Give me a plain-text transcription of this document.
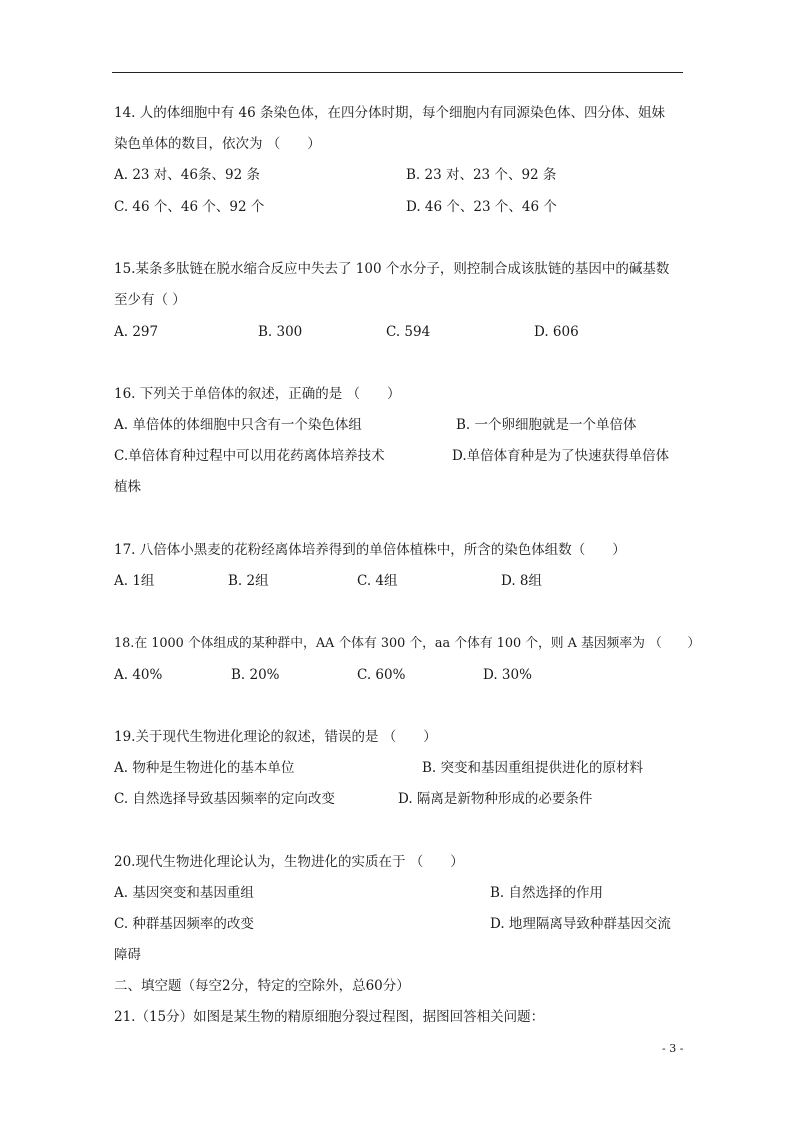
14. 人的体细胞中有 46 条染色体，在四分体时期，每个细胞内有同源染色体、四分体、姐妹
染色单体的数目，依次为 （　　）
A. 23 对、46条、92 条	B. 23 对、23 个、92 条
C. 46 个、46 个、92 个	D. 46 个、23 个、46 个
15.某条多肽链在脱水缩合反应中失去了 100 个水分子，则控制合成该肽链的基因中的碱基数
至少有（ ）
A. 297	B. 300	C. 594	D. 606
16. 下列关于单倍体的叙述，正确的是 （　　）
A. 单倍体的体细胞中只含有一个染色体组	B. 一个卵细胞就是一个单倍体
C.单倍体育种过程中可以用花药离体培养技术	D.单倍体育种是为了快速获得单倍体
植株
17. 八倍体小黑麦的花粉经离体培养得到的单倍体植株中，所含的染色体组数（　　）
A. 1组	B. 2组	C. 4组	D. 8组
18.在 1000 个体组成的某种群中，AA 个体有 300 个，aa 个体有 100 个，则 A 基因频率为 （　　）
A. 40%	B. 20%	C. 60%	D. 30%
19.关于现代生物进化理论的叙述，错误的是 （　　）
A. 物种是生物进化的基本单位	B. 突变和基因重组提供进化的原材料
C. 自然选择导致基因频率的定向改变	D. 隔离是新物种形成的必要条件
20.现代生物进化理论认为，生物进化的实质在于 （　　）
A. 基因突变和基因重组	B. 自然选择的作用
C. 种群基因频率的改变	D. 地理隔离导致种群基因交流
障碍
二、填空题（每空2分，特定的空除外，总60分）
21.（15分）如图是某生物的精原细胞分裂过程图，据图回答相关问题：
- 3 -
